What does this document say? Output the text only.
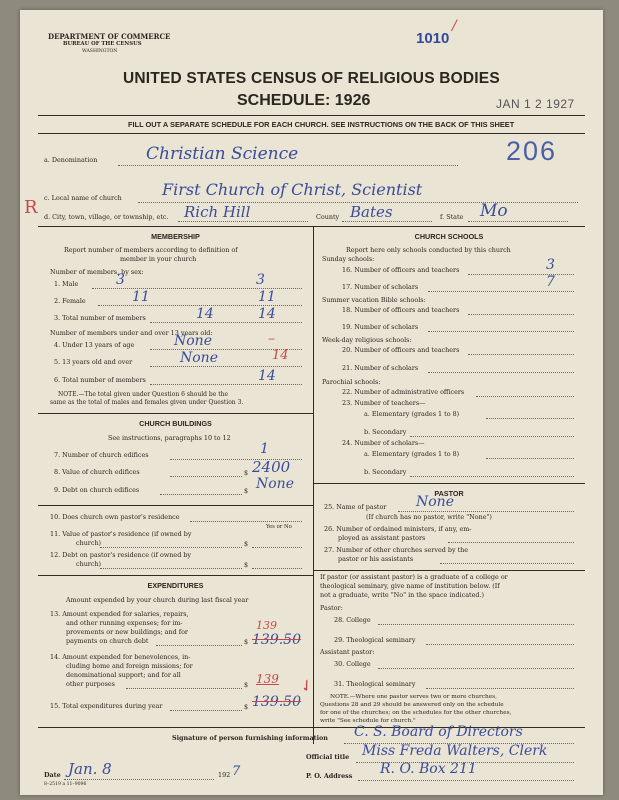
DEPARTMENT OF COMMERCE
BUREAU OF THE CENSUS
WASHINGTON
1010
/
UNITED STATES CENSUS OF RELIGIOUS BODIES
SCHEDULE: 1926	JAN 1 2 1927
FILL OUT A SEPARATE SCHEDULE FOR EACH CHURCH. SEE INSTRUCTIONS ON THE BACK OF THIS SHEET
a. Denomination	Christian Science	206
R c. Local name of church	First Church of Christ, Scientist
d. City, town, village, or township, etc. Rich Hill	County Bates	f. State Mo
MEMBERSHIP
Report number of members according to definition of
member in your church
Number of members, by sex:
1. Male	3	3
2. Female	11	11
3. Total number of members	14	14
Number of members under and over 13 years old:
4. Under 13 years of age	None	–
5. 13 years old and over	None	14
6. Total number of members	14
NOTE.—The total given under Question 6 should be the
same as the total of males and females given under Question 3.
CHURCH BUILDINGS
See instructions, paragraphs 10 to 12
7. Number of church edifices	1
8. Value of church edifices	$ 2400
9. Debt on church edifices	$ None
10. Does church own pastor's residence
Yes or No
11. Value of pastor's residence (if owned by
church)	$
12. Debt on pastor's residence (if owned by
church)	$
EXPENDITURES
Amount expended by your church during last fiscal year
13. Amount expended for salaries, repairs,
and other running expenses; for im-
provements or new buildings; and for
payments on church debt	$
139
139.50
14. Amount expended for benevolences, in-
cluding home and foreign missions; for
denominational support; and for all
other purposes	$ 139
15. Total expenditures during year	$ 139.50
✓
CHURCH SCHOOLS
Report here only schools conducted by this church
Sunday schools:
16. Number of officers and teachers	3
17. Number of scholars	7
Summer vacation Bible schools:
18. Number of officers and teachers
19. Number of scholars
Week-day religious schools:
20. Number of officers and teachers
21. Number of scholars
Parochial schools:
22. Number of administrative officers
23. Number of teachers—
a. Elementary (grades 1 to 8)
b. Secondary
24. Number of scholars—
a. Elementary (grades 1 to 8)
b. Secondary
PASTOR
25. Name of pastor None
(If church has no pastor, write "None")
26. Number of ordained ministers, if any, em-
ployed as assistant pastors
27. Number of other churches served by the
pastor or his assistants
If pastor (or assistant pastor) is a graduate of a college or
theological seminary, give name of institution below. (If
not a graduate, write "No" in the space indicated.)
Pastor:
28. College
29. Theological seminary
Assistant pastor:
30. College
31. Theological seminary
NOTE.—Where one pastor serves two or more churches,
Questions 28 and 29 should be answered only on the schedule
for one of the churches; on the schedules for the other churches,
write "See schedule for church."
Signature of person furnishing information C. S. Board of Directors
Official title Miss Freda Walters, Clerk
Date Jan. 8	192 7	P. O. Address R. O. Box 211
8–2519 a 11–9096
